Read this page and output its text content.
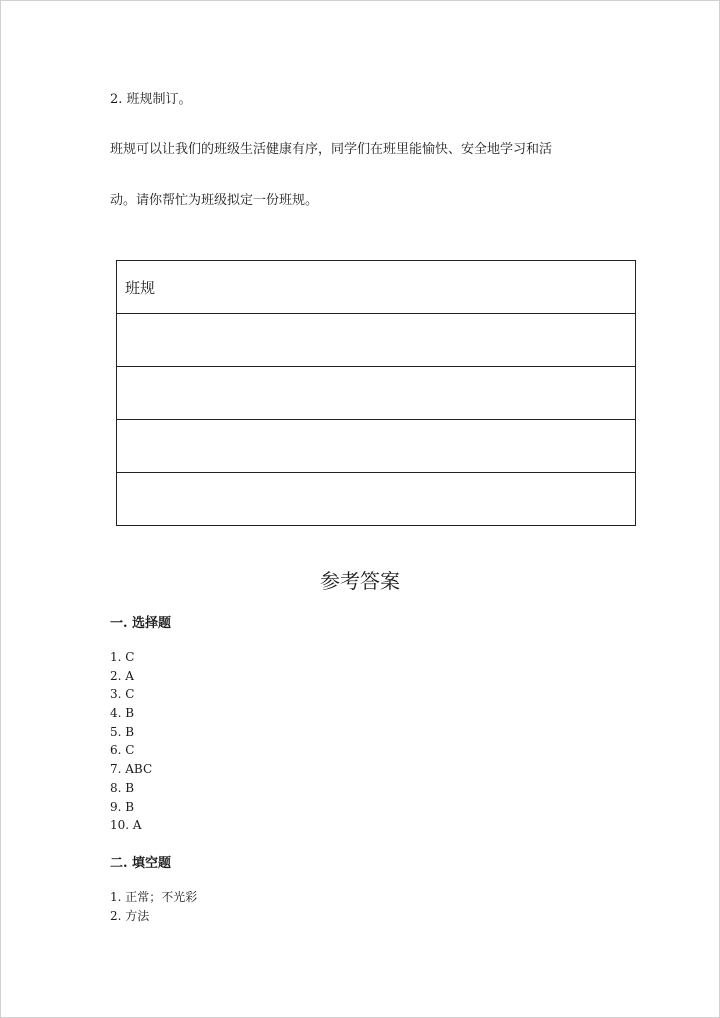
2. 班规制订。
班规可以让我们的班级生活健康有序，同学们在班里能愉快、安全地学习和活
动。请你帮忙为班级拟定一份班规。
班规

参考答案
一. 选择题
1. C
2. A
3. C
4. B
5. B
6. C
7. ABC
8. B
9. B
10. A
二. 填空题
1. 正常；不光彩
2. 方法
